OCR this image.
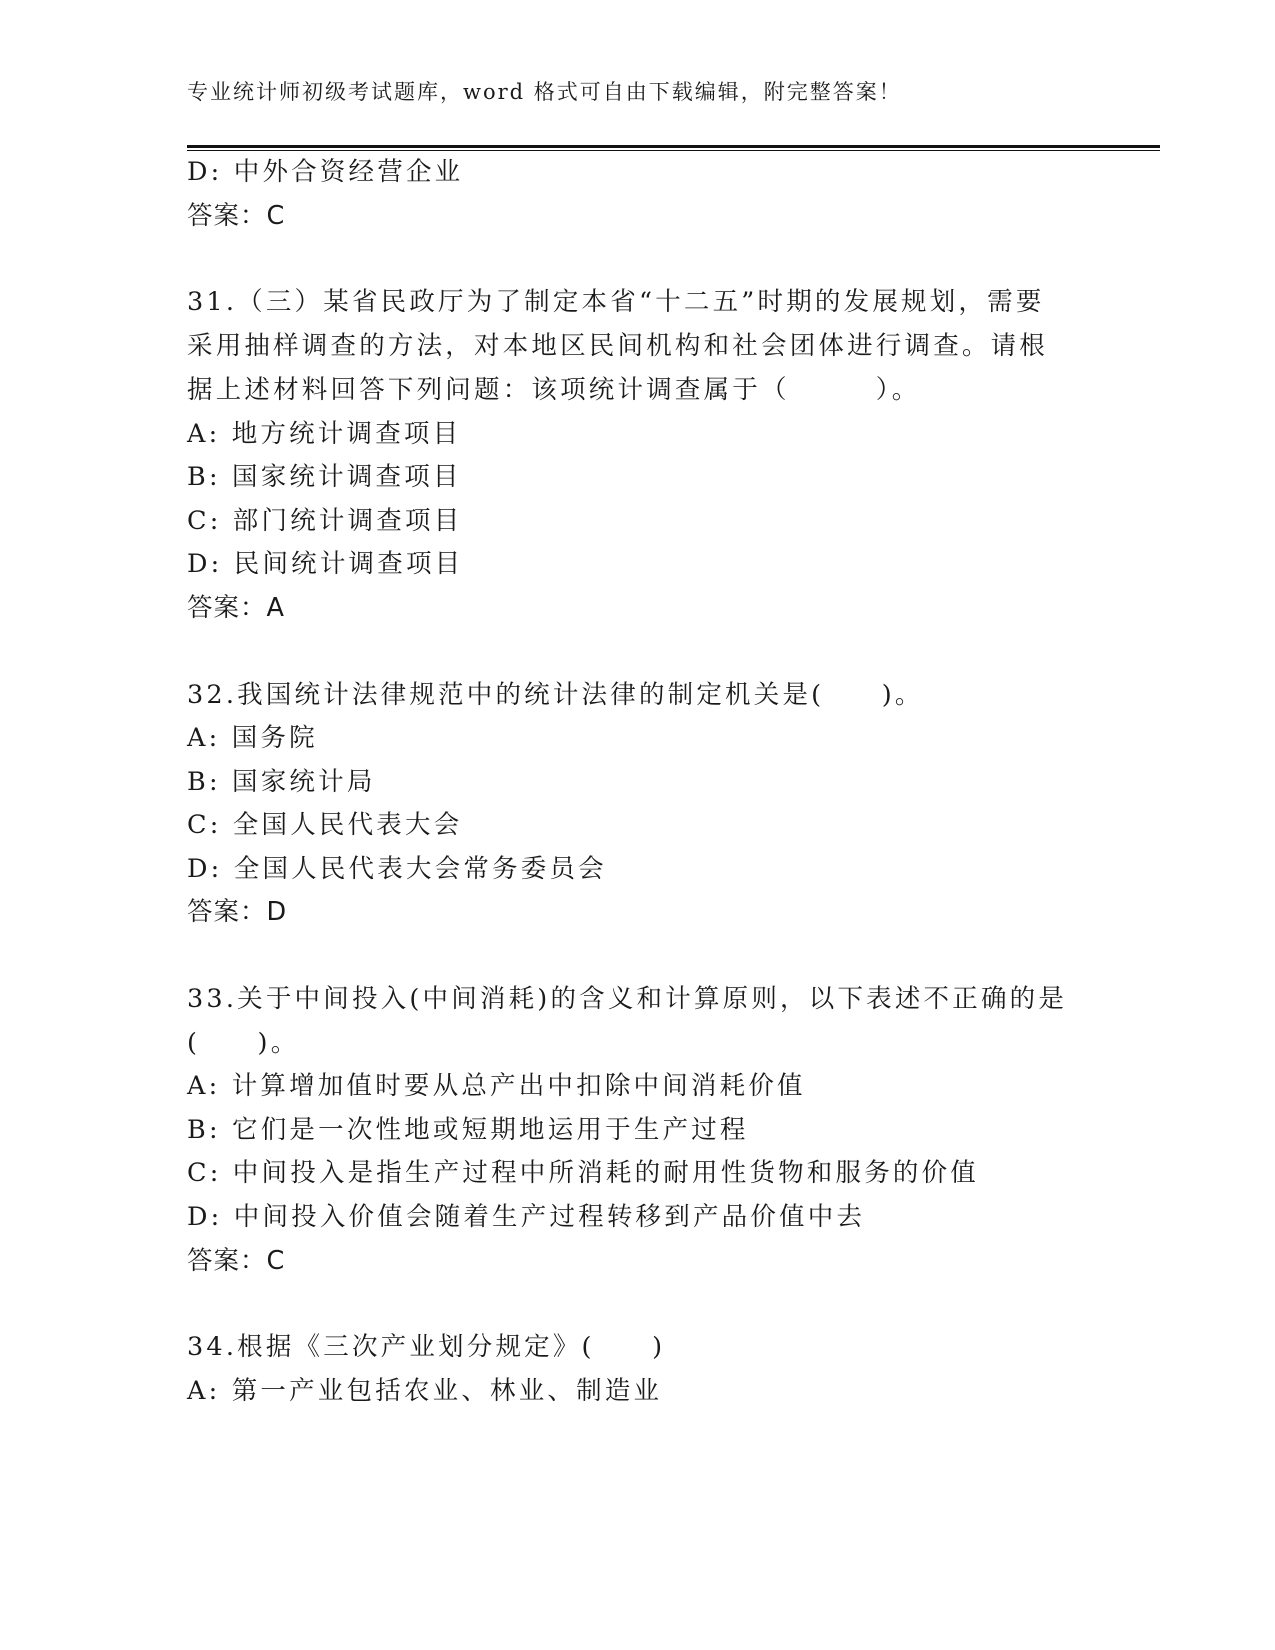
专业统计师初级考试题库，word 格式可自由下载编辑，附完整答案！
D: 中外合资经营企业
答案：C
31.（三）某省民政厅为了制定本省“十二五”时期的发展规划，需要
采用抽样调查的方法，对本地区民间机构和社会团体进行调查。请根
据上述材料回答下列问题：该项统计调查属于（　　　）。
A: 地方统计调查项目
B: 国家统计调查项目
C: 部门统计调查项目
D: 民间统计调查项目
答案：A
32.我国统计法律规范中的统计法律的制定机关是(　　)。
A: 国务院
B: 国家统计局
C: 全国人民代表大会
D: 全国人民代表大会常务委员会
答案：D
33.关于中间投入(中间消耗)的含义和计算原则，以下表述不正确的是
(　　)。
A: 计算增加值时要从总产出中扣除中间消耗价值
B: 它们是一次性地或短期地运用于生产过程
C: 中间投入是指生产过程中所消耗的耐用性货物和服务的价值
D: 中间投入价值会随着生产过程转移到产品价值中去
答案：C
34.根据《三次产业划分规定》(　　)
A: 第一产业包括农业、林业、制造业
